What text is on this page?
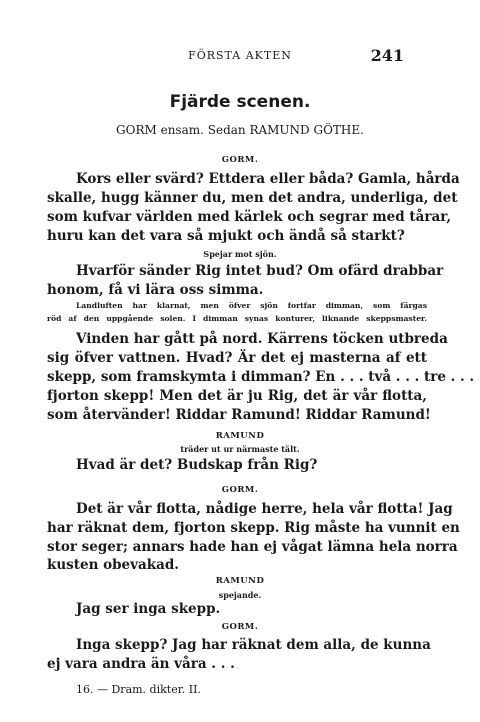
FÖRSTA AKTEN	241
Fjärde scenen.
GORM ensam. Sedan RAMUND GÖTHE.
GORM.
Kors eller svärd? Ettdera eller båda? Gamla, hårda
skalle, hugg känner du, men det andra, underliga, det
som kufvar världen med kärlek och segrar med tårar,
huru kan det vara så mjukt och ändå så starkt?
Spejar mot sjön.
Hvarför sänder Rig intet bud? Om ofärd drabbar
honom, få vi lära oss simma.
Landluften har klarnat, men öfver sjön fortfar dimman, som färgas
röd af den uppgående solen. I dimman synas konturer, liknande skeppsmaster.
Vinden har gått på nord. Kärrens töcken utbreda
sig öfver vattnen. Hvad? Är det ej masterna af ett
skepp, som framskymta i dimman? En . . . två . . . tre . . .
fjorton skepp! Men det är ju Rig, det är vår flotta,
som återvänder! Riddar Ramund! Riddar Ramund!
RAMUND
träder ut ur närmaste tält.
Hvad är det? Budskap från Rig?
GORM.
Det är vår flotta, nådige herre, hela vår flotta! Jag
har räknat dem, fjorton skepp. Rig måste ha vunnit en
stor seger; annars hade han ej vågat lämna hela norra
kusten obevakad.
RAMUND
spejande.
Jag ser inga skepp.
GORM.
Inga skepp? Jag har räknat dem alla, de kunna
ej vara andra än våra . . .
16. — Dram. dikter. II.
